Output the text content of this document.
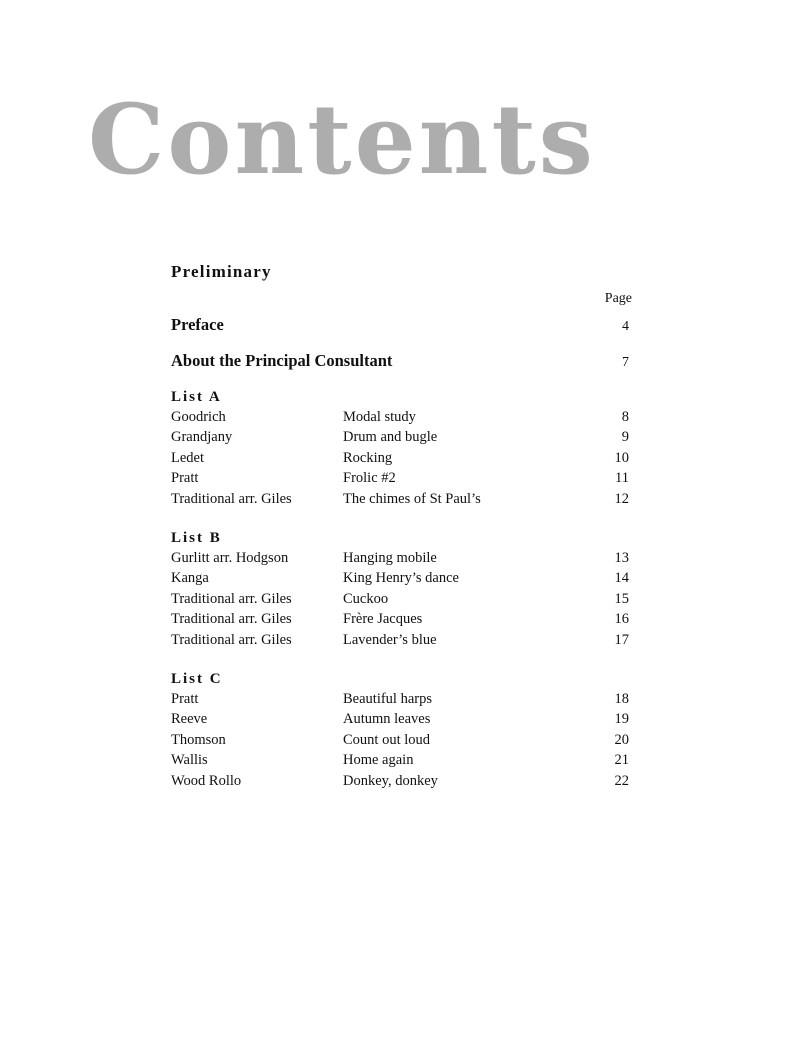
Contents
Preliminary
Page
Preface	4
About the Principal Consultant	7
List A
Goodrich	Modal study	8
Grandjany	Drum and bugle	9
Ledet	Rocking	10
Pratt	Frolic #2	11
Traditional arr. Giles	The chimes of St Paul’s	12
List B
Gurlitt arr. Hodgson	Hanging mobile	13
Kanga	King Henry’s dance	14
Traditional arr. Giles	Cuckoo	15
Traditional arr. Giles	Frère Jacques	16
Traditional arr. Giles	Lavender’s blue	17
List C
Pratt	Beautiful harps	18
Reeve	Autumn leaves	19
Thomson	Count out loud	20
Wallis	Home again	21
Wood Rollo	Donkey, donkey	22
